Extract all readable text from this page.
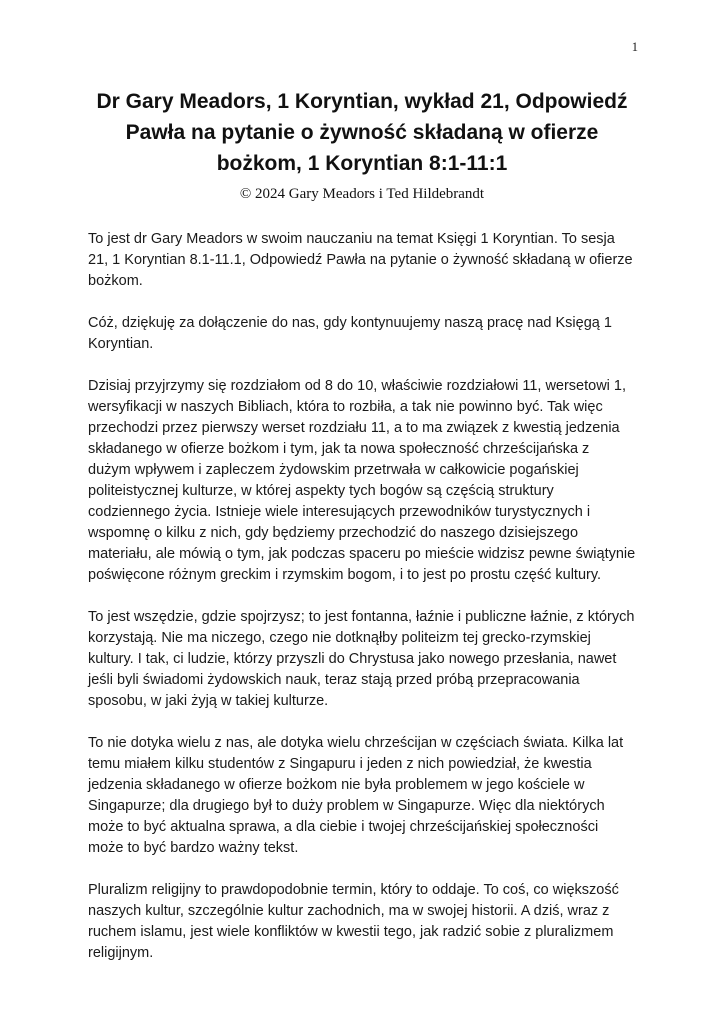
1
Dr Gary Meadors, 1 Koryntian, wykład 21, Odpowiedź Pawła na pytanie o żywność składaną w ofierze bożkom, 1 Koryntian 8:1-11:1
© 2024 Gary Meadors i Ted Hildebrandt

To jest dr Gary Meadors w swoim nauczaniu na temat Księgi 1 Koryntian. To sesja 21, 1 Koryntian 8.1-11.1, Odpowiedź Pawła na pytanie o żywność składaną w ofierze bożkom.

Cóż, dziękuję za dołączenie do nas, gdy kontynuujemy naszą pracę nad Księgą 1 Koryntian.

Dzisiaj przyjrzymy się rozdziałom od 8 do 10, właściwie rozdziałowi 11, wersetowi 1, wersyfikacji w naszych Bibliach, która to rozbiła, a tak nie powinno być. Tak więc przechodzi przez pierwszy werset rozdziału 11, a to ma związek z kwestią jedzenia składanego w ofierze bożkom i tym, jak ta nowa społeczność chrześcijańska z dużym wpływem i zapleczem żydowskim przetrwała w całkowicie pogańskiej politeistycznej kulturze, w której aspekty tych bogów są częścią struktury codziennego życia. Istnieje wiele interesujących przewodników turystycznych i wspomnę o kilku z nich, gdy będziemy przechodzić do naszego dzisiejszego materiału, ale mówią o tym, jak podczas spaceru po mieście widzisz pewne świątynie poświęcone różnym greckim i rzymskim bogom, i to jest po prostu część kultury.

To jest wszędzie, gdzie spojrzysz; to jest fontanna, łaźnie i publiczne łaźnie, z których korzystają. Nie ma niczego, czego nie dotknąłby politeizm tej grecko-rzymskiej kultury. I tak, ci ludzie, którzy przyszli do Chrystusa jako nowego przesłania, nawet jeśli byli świadomi żydowskich nauk, teraz stają przed próbą przepracowania sposobu, w jaki żyją w takiej kulturze.

To nie dotyka wielu z nas, ale dotyka wielu chrześcijan w częściach świata. Kilka lat temu miałem kilku studentów z Singapuru i jeden z nich powiedział, że kwestia jedzenia składanego w ofierze bożkom nie była problemem w jego kościele w Singapurze; dla drugiego był to duży problem w Singapurze. Więc dla niektórych może to być aktualna sprawa, a dla ciebie i twojej chrześcijańskiej społeczności może to być bardzo ważny tekst.

Pluralizm religijny to prawdopodobnie termin, który to oddaje. To coś, co większość naszych kultur, szczególnie kultur zachodnich, ma w swojej historii. A dziś, wraz z ruchem islamu, jest wiele konfliktów w kwestii tego, jak radzić sobie z pluralizmem religijnym.
